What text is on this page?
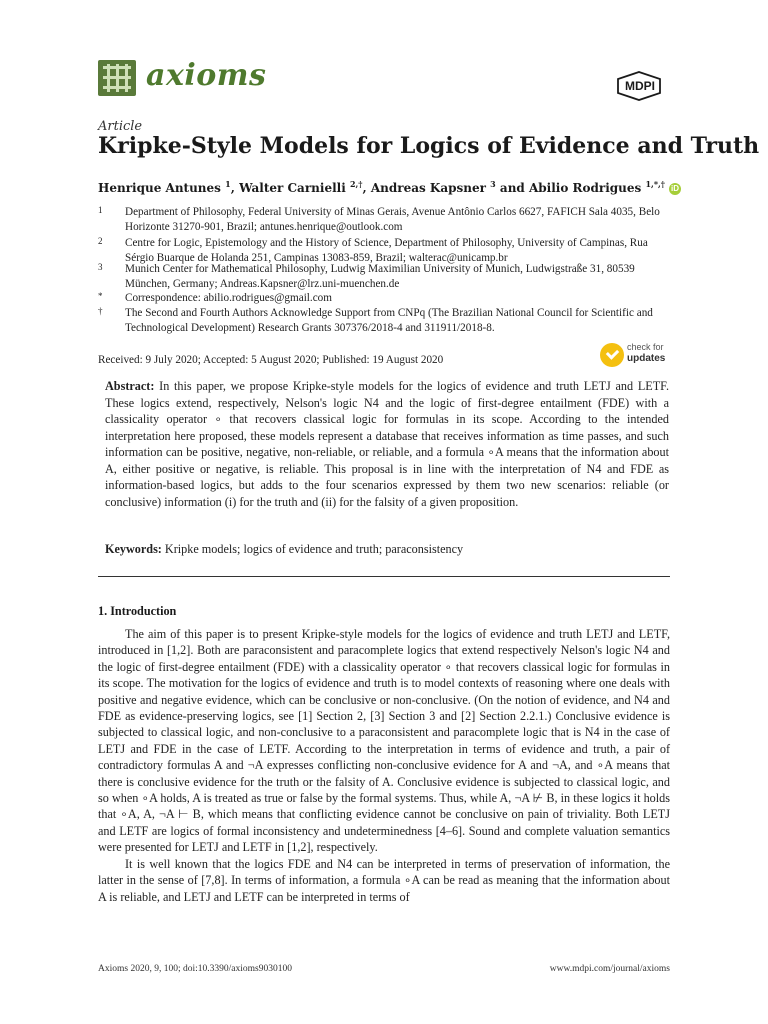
axioms	MDPI
Article
Kripke-Style Models for Logics of Evidence and Truth
Henrique Antunes $^1$, Walter Carnielli $^{2,\dagger}$, Andreas Kapsner $^3$ and Abilio Rodrigues $^{1,*,\dagger}$ iD
1 Department of Philosophy, Federal University of Minas Gerais, Avenue Antônio Carlos 6627, FAFICH Sala 4035, Belo Horizonte 31270-901, Brazil; antunes.henrique@outlook.com
2 Centre for Logic, Epistemology and the History of Science, Department of Philosophy, University of Campinas, Rua Sérgio Buarque de Holanda 251, Campinas 13083-859, Brazil; walterac@unicamp.br
3 Munich Center for Mathematical Philosophy, Ludwig Maximilian University of Munich, Ludwigstraße 31, 80539 München, Germany; Andreas.Kapsner@lrz.uni-muenchen.de
* Correspondence: abilio.rodrigues@gmail.com
† The Second and Fourth Authors Acknowledge Support from CNPq (The Brazilian National Council for Scientific and Technological Development) Research Grants 307376/2018-4 and 311911/2018-8.
Received: 9 July 2020; Accepted: 5 August 2020; Published: 19 August 2020
check for
updates
Abstract: In this paper, we propose Kripke-style models for the logics of evidence and truth LETJ and LETF. These logics extend, respectively, Nelson's logic N4 and the logic of first-degree entailment (FDE) with a classicality operator ∘ that recovers classical logic for formulas in its scope. According to the intended interpretation here proposed, these models represent a database that receives information as time passes, and such information can be positive, negative, non-reliable, or reliable, and a formula ∘A means that the information about A, either positive or negative, is reliable. This proposal is in line with the interpretation of N4 and FDE as information-based logics, but adds to the four scenarios expressed by them two new scenarios: reliable (or conclusive) information (i) for the truth and (ii) for the falsity of a given proposition.
Keywords: Kripke models; logics of evidence and truth; paraconsistency
1. Introduction

The aim of this paper is to present Kripke-style models for the logics of evidence and truth LETJ and LETF, introduced in [1,2]. Both are paraconsistent and paracomplete logics that extend respectively Nelson's logic N4 and the logic of first-degree entailment (FDE) with a classicality operator ∘ that recovers classical logic for formulas in its scope. The motivation for the logics of evidence and truth is to model contexts of reasoning where one deals with positive and negative evidence, which can be conclusive or non-conclusive. (On the notion of evidence, and N4 and FDE as evidence-preserving logics, see [1] Section 2, [3] Section 3 and [2] Section 2.2.1.) Conclusive evidence is subjected to classical logic, and non-conclusive to a paraconsistent and paracomplete logic that is N4 in the case of LETJ and FDE in the case of LETF. According to the interpretation in terms of evidence and truth, a pair of contradictory formulas A and ¬A expresses conflicting non-conclusive evidence for A and ¬A, and ∘A means that there is conclusive evidence for the truth or the falsity of A. Conclusive evidence is subjected to classical logic, and so when ∘A holds, A is treated as true or false by the formal systems. Thus, while A, ¬A ⊬ B, in these logics it holds that ∘A, A, ¬A ⊢ B, which means that conflicting evidence cannot be conclusive on pain of triviality. Both LETJ and LETF are logics of formal inconsistency and undeterminedness [4–6]. Sound and complete valuation semantics were presented for LETJ and LETF in [1,2], respectively.

It is well known that the logics FDE and N4 can be interpreted in terms of preservation of information, the latter in the sense of [7,8]. In terms of information, a formula ∘A can be read as meaning that the information about A is reliable, and LETJ and LETF can be interpreted in terms of

Axioms 2020, 9, 100; doi:10.3390/axioms9030100	www.mdpi.com/journal/axioms
